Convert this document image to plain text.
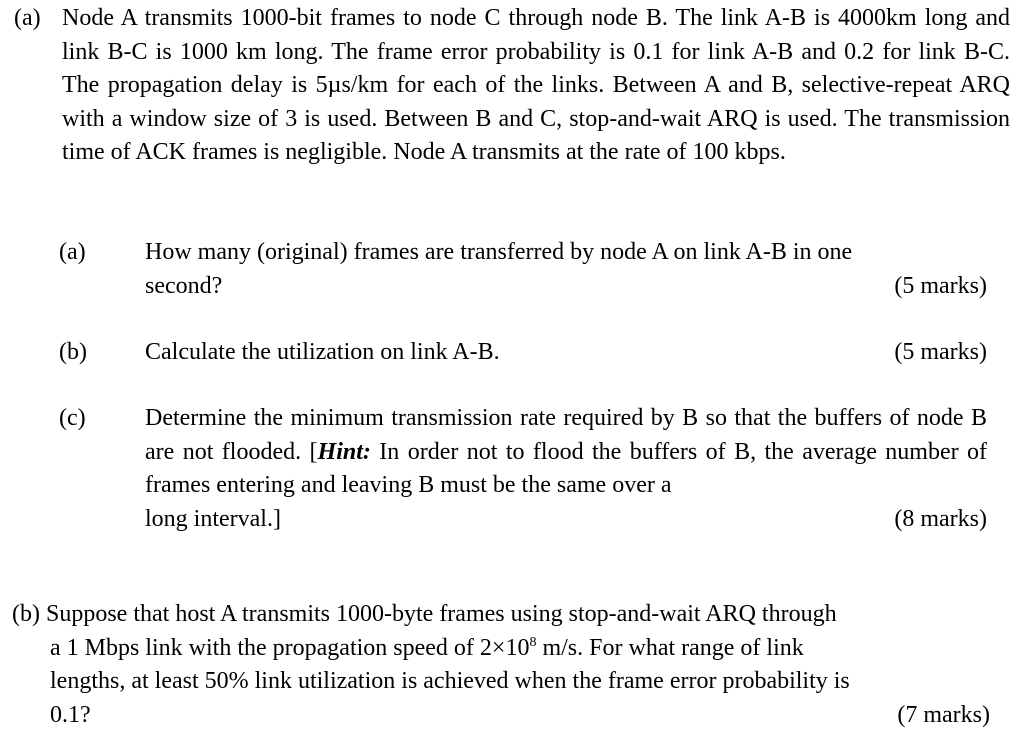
(a) Node A transmits 1000-bit frames to node C through node B. The link A-B is 4000km long and link B-C is 1000 km long. The frame error probability is 0.1 for link A-B and 0.2 for link B-C. The propagation delay is 5µs/km for each of the links. Between A and B, selective-repeat ARQ with a window size of 3 is used. Between B and C, stop-and-wait ARQ is used. The transmission time of ACK frames is negligible. Node A transmits at the rate of 100 kbps.
(a) How many (original) frames are transferred by node A on link A-B in one
second?	(5 marks)
(b) Calculate the utilization on link A-B.	(5 marks)
(c) Determine the minimum transmission rate required by B so that the buffers of node B are not flooded. [Hint: In order not to flood the buffers of B, the average number of frames entering and leaving B must be the same over a
long interval.]	(8 marks)
(b) Suppose that host A transmits 1000-byte frames using stop-and-wait ARQ through
a 1 Mbps link with the propagation speed of $2\times 10^8$ m/s. For what range of link
lengths, at least 50% link utilization is achieved when the frame error probability is
0.1?	(7 marks)
